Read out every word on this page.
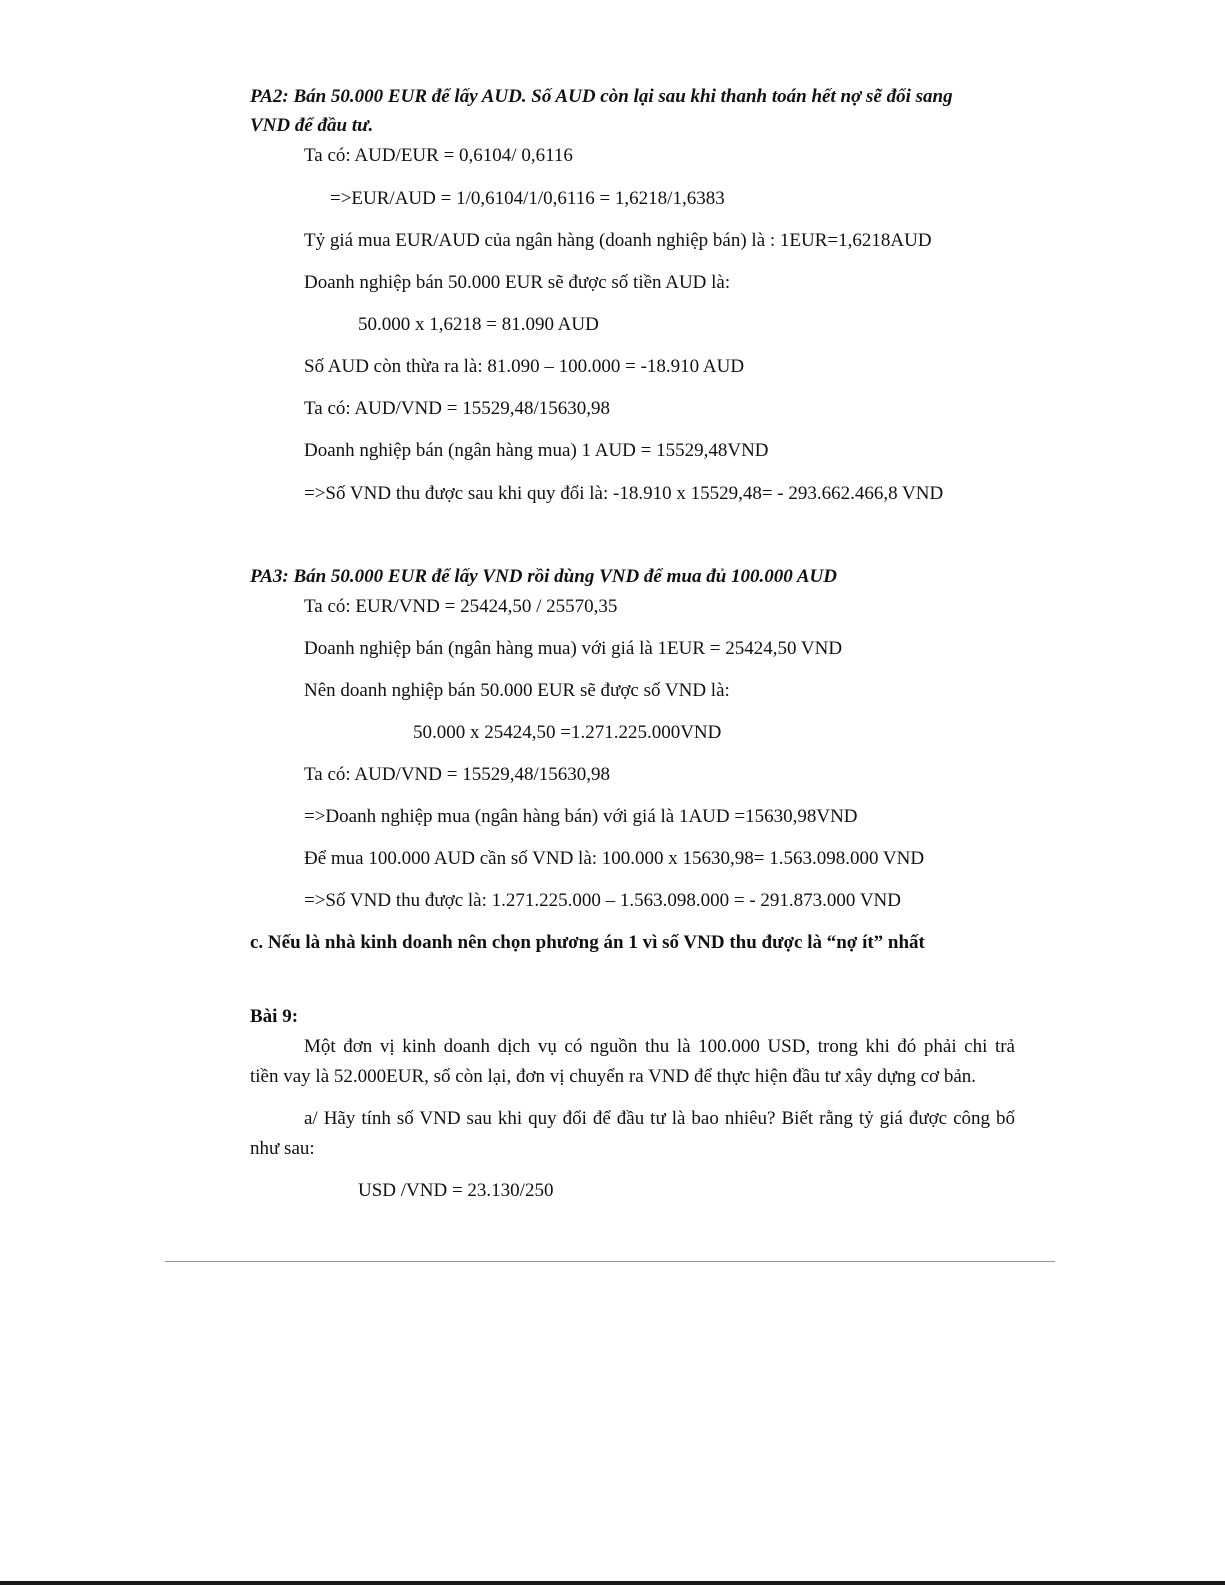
PA2: Bán 50.000 EUR để lấy AUD. Số AUD còn lại sau khi thanh toán hết nợ sẽ đổi sang

VND để đầu tư.

Ta có: AUD/EUR = 0,6104/ 0,6116

=>EUR/AUD = 1/0,6104/1/0,6116 = 1,6218/1,6383

Tỷ giá mua EUR/AUD của ngân hàng (doanh nghiệp bán) là : 1EUR=1,6218AUD

Doanh nghiệp bán 50.000 EUR sẽ được số tiền AUD là:

50.000 x 1,6218 = 81.090 AUD

Số AUD còn thừa ra là: 81.090 – 100.000 = -18.910 AUD

Ta có: AUD/VND = 15529,48/15630,98

Doanh nghiệp bán (ngân hàng mua) 1 AUD = 15529,48VND

=>Số VND thu được sau khi quy đổi là: -18.910 x 15529,48= - 293.662.466,8 VND

PA3: Bán 50.000 EUR để lấy VND rồi dùng VND để mua đủ 100.000 AUD

Ta có: EUR/VND = 25424,50 / 25570,35

Doanh nghiệp bán (ngân hàng mua) với giá là 1EUR = 25424,50 VND

Nên doanh nghiệp bán 50.000 EUR sẽ được số VND là:

50.000 x 25424,50 =1.271.225.000VND

Ta có: AUD/VND = 15529,48/15630,98

=>Doanh nghiệp mua (ngân hàng bán) với giá là 1AUD =15630,98VND

Để mua 100.000 AUD cần số VND là: 100.000 x 15630,98= 1.563.098.000 VND

=>Số VND thu được là: 1.271.225.000 – 1.563.098.000 = - 291.873.000 VND

c. Nếu là nhà kinh doanh nên chọn phương án 1 vì số VND thu được là “nợ ít” nhất

Bài 9:

Một đơn vị kinh doanh dịch vụ có nguồn thu là 100.000 USD, trong khi đó phải chi trả

tiền vay là 52.000EUR, số còn lại, đơn vị chuyển ra VND để thực hiện đầu tư xây dựng cơ bản.

a/ Hãy tính số VND sau khi quy đổi để đầu tư là bao nhiêu? Biết rằng tỷ giá được công bố

như sau:

USD /VND = 23.130/250
